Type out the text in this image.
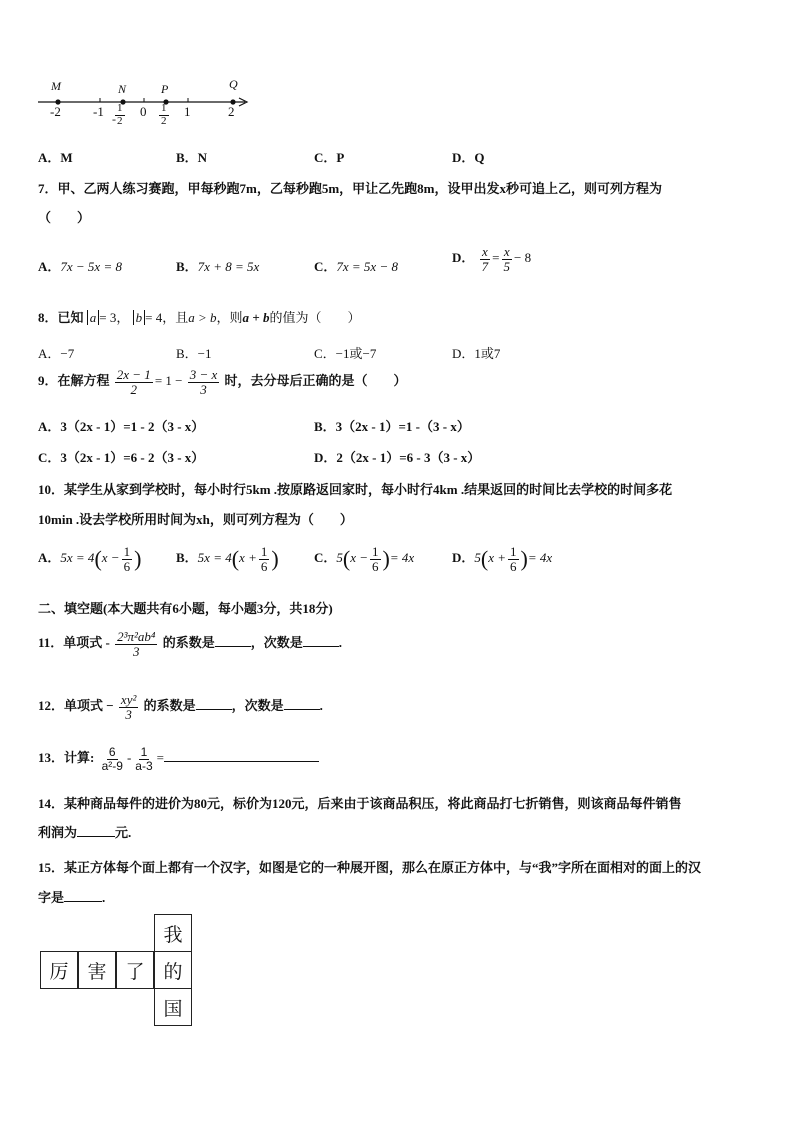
M	N	P	Q
-2 -1	0	1	2
- $\frac{1}{2}$	$\frac{1}{2}$
A．M	B．N	C．P	D．Q
7．甲、乙两人练习赛跑，甲每秒跑7m，乙每秒跑5m，甲让乙先跑8m，设甲出发x秒可追上乙，则可列方程为
（　　）
A．7x − 5x = 8	B．7x + 8 = 5x	C．7x = 5x − 8
D． $\frac{x}{7} = \frac{x}{5} - 8$
8．已知 a = 3， b = 4，且a > b，则a + b的值为（　　）
A．−7	B．−1	C．−1或−7	D．1或7
9．在解方程 $\frac{2x - 1}{2} = 1 - \frac{3 - x}{3}$ 时，去分母后正确的是（　　）
A．3（2x - 1）=1 - 2（3 - x）	B．3（2x - 1）=1 -（3 - x）
C．3（2x - 1）=6 - 2（3 - x）	D．2（2x - 1）=6 - 3（3 - x）
10．某学生从家到学校时，每小时行5km .按原路返回家时，每小时行4km .结果返回的时间比去学校的时间多花
10min .设去学校所用时间为xh，则可列方程为（　　）
A．$5x = 4(x - \frac{1}{6}$ )	B．$5x = 4(x + \frac{1}{6}$ )	C．$5(x - \frac{1}{6}$ )= 4x	D．$5(x + \frac{1}{6}$ )= 4x
二、填空题(本大题共有6小题，每小题3分，共18分)
11．单项式 - $\frac{\text{2³π²ab⁴}}{3}$ 的系数是	，次数是	.
12．单项式 − $\frac{\text{xy²}}{3}$ 的系数是	，次数是	.
13．计算: $\frac{6}{\text{a²-9}} - \frac{1}{a-3}$ =
14．某种商品每件的进价为80元，标价为120元，后来由于该商品积压，将此商品打七折销售，则该商品每件销售
利润为	元.
15．某正方体每个面上都有一个汉字，如图是它的一种展开图，那么在原正方体中，与“我”字所在面相对的面上的汉
字是	.
我
厉 害 了 的
国
